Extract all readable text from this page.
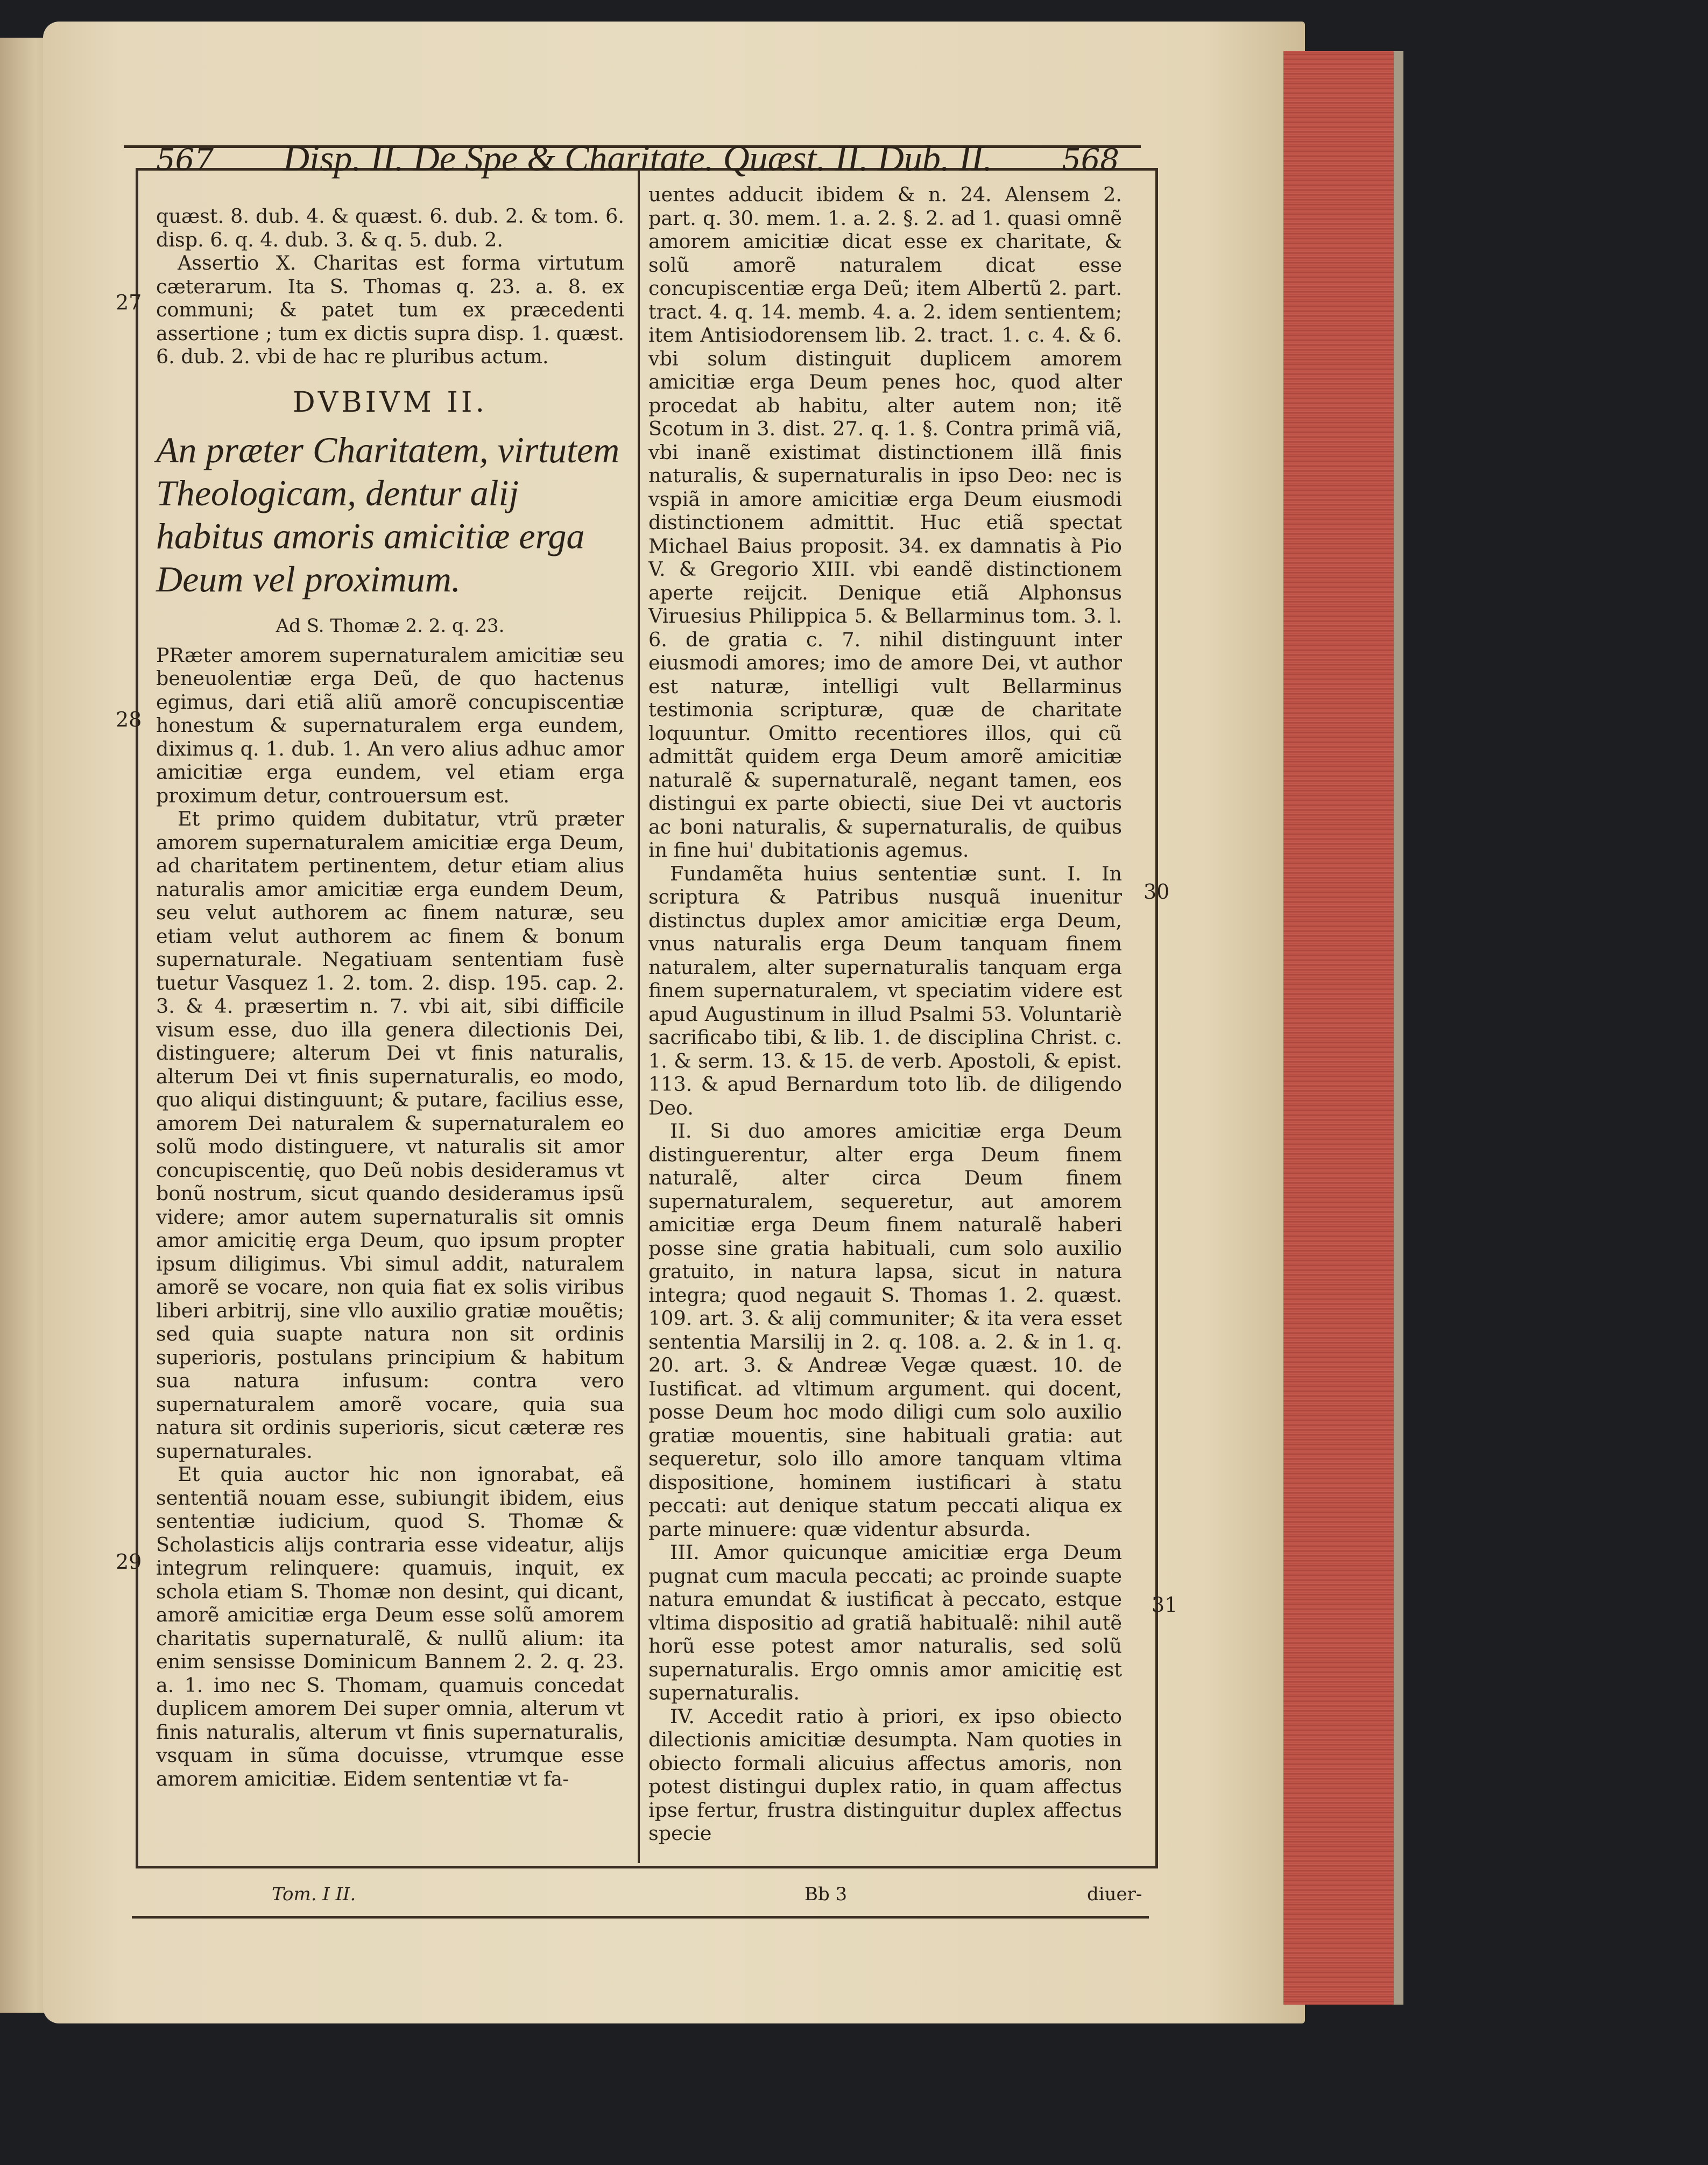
567	Disp. II. De Spe & Charitate. Quæst. II. Dub. II.	568

quæst. 8. dub. 4. & quæst. 6. dub. 2. & tom. 6. disp. 6. q. 4. dub. 3. & q. 5. dub. 2.

Assertio X. Charitas est forma virtutum cæterarum. Ita S. Thomas q. 23. a. 8. ex communi; & patet tum ex præcedenti assertione ; tum ex dictis supra disp. 1. quæst. 6. dub. 2. vbi de hac re pluribus actum.

DVBIVM II.
An præter Charitatem, virtutem Theologicam, dentur alij habitus amoris amicitiæ erga Deum vel proximum.
Ad S. Thomæ 2. 2. q. 23.

PRæter amorem supernaturalem amicitiæ seu beneuolentiæ erga Deũ, de quo hactenus egimus, dari etiã aliũ amorẽ concupiscentiæ honestum & supernaturalem erga eundem, diximus q. 1. dub. 1. An vero alius adhuc amor amicitiæ erga eundem, vel etiam erga proximum detur, controuersum est.

Et primo quidem dubitatur, vtrũ præter amorem supernaturalem amicitiæ erga Deum, ad charitatem pertinentem, detur etiam alius naturalis amor amicitiæ erga eundem Deum, seu velut authorem ac finem naturæ, seu etiam velut authorem ac finem & bonum supernaturale. Negatiuam sententiam fusè tuetur Vasquez 1. 2. tom. 2. disp. 195. cap. 2. 3. & 4. præsertim n. 7. vbi ait, sibi difficile visum esse, duo illa genera dilectionis Dei, distinguere; alterum Dei vt finis naturalis, alterum Dei vt finis supernaturalis, eo modo, quo aliqui distinguunt; & putare, facilius esse, amorem Dei naturalem & supernaturalem eo solũ modo distinguere, vt naturalis sit amor concupiscentię, quo Deũ nobis desideramus vt bonũ nostrum, sicut quando desideramus ipsũ videre; amor autem supernaturalis sit omnis amor amicitię erga Deum, quo ipsum propter ipsum diligimus. Vbi simul addit, naturalem amorẽ se vocare, non quia fiat ex solis viribus liberi arbitrij, sine vllo auxilio gratiæ mouẽtis; sed quia suapte natura non sit ordinis superioris, postulans principium & habitum sua natura infusum: contra vero supernaturalem amorẽ vocare, quia sua natura sit ordinis superioris, sicut cæteræ res supernaturales.

Et quia auctor hic non ignorabat, eã sententiã nouam esse, subiungit ibidem, eius sententiæ iudicium, quod S. Thomæ & Scholasticis alijs contraria esse videatur, alijs integrum relinquere: quamuis, inquit, ex schola etiam S. Thomæ non desint, qui dicant, amorẽ amicitiæ erga Deum esse solũ amorem charitatis supernaturalẽ, & nullũ alium: ita enim sensisse Dominicum Bannem 2. 2. q. 23. a. 1. imo nec S. Thomam, quamuis concedat duplicem amorem Dei super omnia, alterum vt finis naturalis, alterum vt finis supernaturalis, vsquam in sũma docuisse, vtrumque esse amorem amicitiæ. Eidem sententiæ vt fa-

uentes adducit ibidem & n. 24. Alensem 2. part. q. 30. mem. 1. a. 2. §. 2. ad 1. quasi omnẽ amorem amicitiæ dicat esse ex charitate, & solũ amorẽ naturalem dicat esse concupiscentiæ erga Deũ; item Albertũ 2. part. tract. 4. q. 14. memb. 4. a. 2. idem sentientem; item Antisiodorensem lib. 2. tract. 1. c. 4. & 6. vbi solum distinguit duplicem amorem amicitiæ erga Deum penes hoc, quod alter procedat ab habitu, alter autem non; itẽ Scotum in 3. dist. 27. q. 1. §. Contra primã viã, vbi inanẽ existimat distinctionem illã finis naturalis, & supernaturalis in ipso Deo: nec is vspiã in amore amicitiæ erga Deum eiusmodi distinctionem admittit. Huc etiã spectat Michael Baius proposit. 34. ex damnatis à Pio V. & Gregorio XIII. vbi eandẽ distinctionem aperte reijcit. Denique etiã Alphonsus Viruesius Philippica 5. & Bellarminus tom. 3. l. 6. de gratia c. 7. nihil distinguunt inter eiusmodi amores; imo de amore Dei, vt author est naturæ, intelligi vult Bellarminus testimonia scripturæ, quæ de charitate loquuntur. Omitto recentiores illos, qui cũ admittãt quidem erga Deum amorẽ amicitiæ naturalẽ & supernaturalẽ, negant tamen, eos distingui ex parte obiecti, siue Dei vt auctoris ac boni naturalis, & supernaturalis, de quibus in fine hui' dubitationis agemus.

Fundamẽta huius sententiæ sunt. I. In scriptura & Patribus nusquã inuenitur distinctus duplex amor amicitiæ erga Deum, vnus naturalis erga Deum tanquam finem naturalem, alter supernaturalis tanquam erga finem supernaturalem, vt speciatim videre est apud Augustinum in illud Psalmi 53. Voluntariè sacrificabo tibi, & lib. 1. de disciplina Christ. c. 1. & serm. 13. & 15. de verb. Apostoli, & epist. 113. & apud Bernardum toto lib. de diligendo Deo.

II. Si duo amores amicitiæ erga Deum distinguerentur, alter erga Deum finem naturalẽ, alter circa Deum finem supernaturalem, sequeretur, aut amorem amicitiæ erga Deum finem naturalẽ haberi posse sine gratia habituali, cum solo auxilio gratuito, in natura lapsa, sicut in natura integra; quod negauit S. Thomas 1. 2. quæst. 109. art. 3. & alij communiter; & ita vera esset sententia Marsilij in 2. q. 108. a. 2. & in 1. q. 20. art. 3. & Andreæ Vegæ quæst. 10. de Iustificat. ad vltimum argument. qui docent, posse Deum hoc modo diligi cum solo auxilio gratiæ mouentis, sine habituali gratia: aut sequeretur, solo illo amore tanquam vltima dispositione, hominem iustificari à statu peccati: aut denique statum peccati aliqua ex parte minuere: quæ videntur absurda.

III. Amor quicunque amicitiæ erga Deum pugnat cum macula peccati; ac proinde suapte natura emundat & iustificat à peccato, estque vltima dispositio ad gratiã habitualẽ: nihil autẽ horũ esse potest amor naturalis, sed solũ supernaturalis. Ergo omnis amor amicitię est supernaturalis.

IV. Accedit ratio à priori, ex ipso obiecto dilectionis amicitiæ desumpta. Nam quoties in obiecto formali alicuius affectus amoris, non potest distingui duplex ratio, in quam affectus ipse fertur, frustra distinguitur duplex affectus specie

27
28
29
30
31
Tom. I II.	Bb 3	diuer-
